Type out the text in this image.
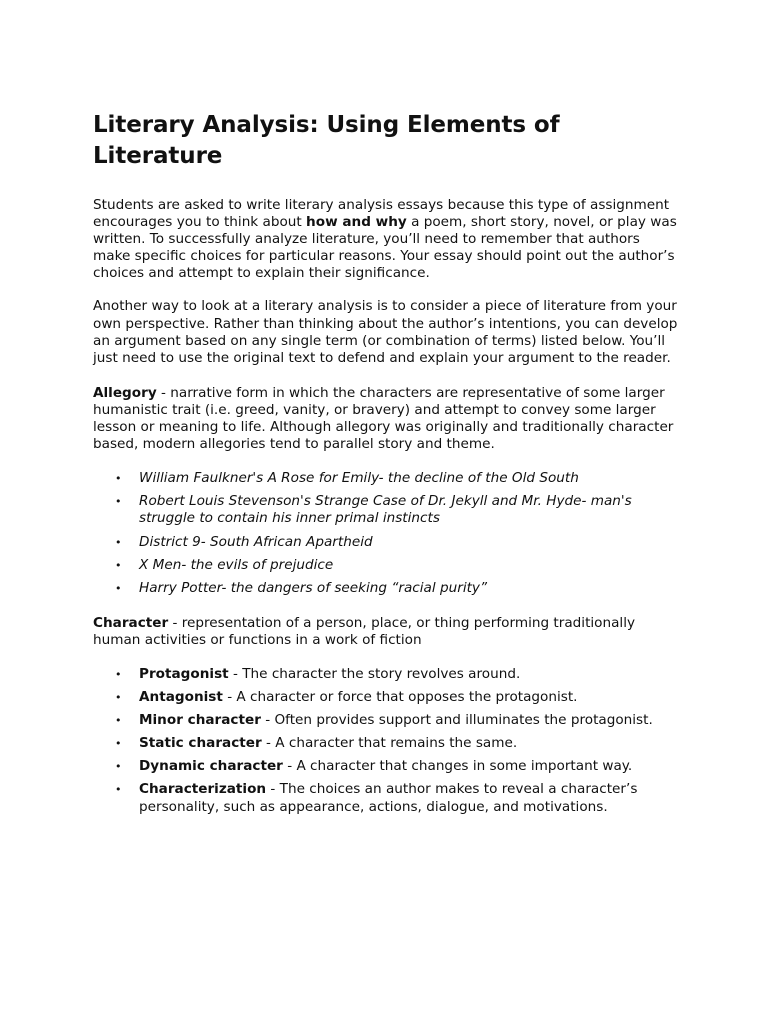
Literary Analysis: Using Elements of Literature

Students are asked to write literary analysis essays because this type of assignment encourages you to think about how and why a poem, short story, novel, or play was written. To successfully analyze literature, you’ll need to remember that authors make specific choices for particular reasons. Your essay should point out the author’s choices and attempt to explain their significance.

Another way to look at a literary analysis is to consider a piece of literature from your own perspective. Rather than thinking about the author’s intentions, you can develop an argument based on any single term (or combination of terms) listed below. You’ll just need to use the original text to defend and explain your argument to the reader.

Allegory - narrative form in which the characters are representative of some larger humanistic trait (i.e. greed, vanity, or bravery) and attempt to convey some larger lesson or meaning to life. Although allegory was originally and traditionally character based, modern allegories tend to parallel story and theme.

• William Faulkner's A Rose for Emily- the decline of the Old South
• Robert Louis Stevenson's Strange Case of Dr. Jekyll and Mr. Hyde- man's struggle to contain his inner primal instincts
• District 9- South African Apartheid
• X Men- the evils of prejudice
• Harry Potter- the dangers of seeking “racial purity”

Character - representation of a person, place, or thing performing traditionally human activities or functions in a work of fiction

• Protagonist - The character the story revolves around.
• Antagonist - A character or force that opposes the protagonist.
• Minor character - Often provides support and illuminates the protagonist.
• Static character - A character that remains the same.
• Dynamic character - A character that changes in some important way.
• Characterization - The choices an author makes to reveal a character’s personality, such as appearance, actions, dialogue, and motivations.
